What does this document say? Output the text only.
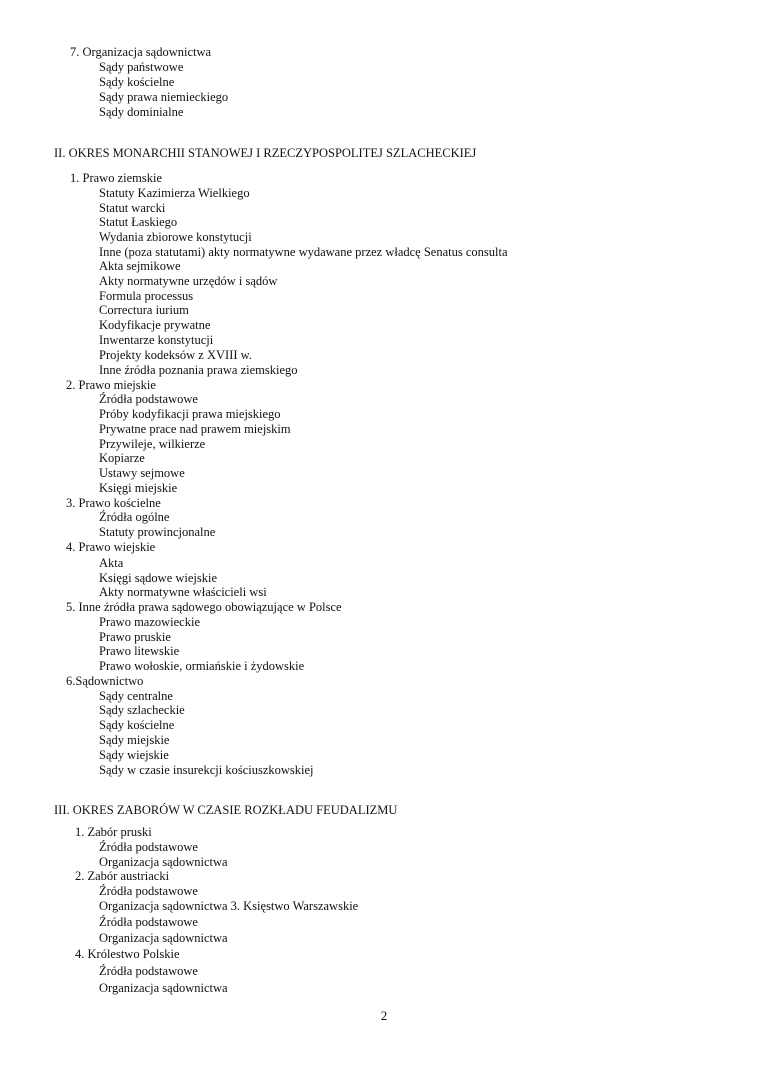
7. Organizacja sądownictwa
Sądy państwowe
Sądy kościelne
Sądy prawa niemieckiego
Sądy dominialne
II. OKRES MONARCHII STANOWEJ I RZECZYPOSPOLITEJ SZLACHECKIEJ
1. Prawo ziemskie
Statuty Kazimierza Wielkiego
Statut warcki
Statut Łaskiego
Wydania zbiorowe konstytucji
Inne (poza statutami) akty normatywne wydawane przez władcę Senatus consulta
Akta sejmikowe
Akty normatywne urzędów i sądów
Formula processus
Correctura iurium
Kodyfikacje prywatne
Inwentarze konstytucji
Projekty kodeksów z XVIII w.
Inne źródła poznania prawa ziemskiego
2. Prawo miejskie
Źródła podstawowe
Próby kodyfikacji prawa miejskiego
Prywatne prace nad prawem miejskim
Przywileje, wilkierze
Kopiarze
Ustawy sejmowe
Księgi miejskie
3. Prawo kościelne
Źródła ogólne
Statuty prowincjonalne
4. Prawo wiejskie
Akta
Księgi sądowe wiejskie
Akty normatywne właścicieli wsi
5. Inne źródła prawa sądowego obowiązujące w Polsce
Prawo mazowieckie
Prawo pruskie
Prawo litewskie
Prawo wołoskie, ormiańskie i żydowskie
6.Sądownictwo
Sądy centralne
Sądy szlacheckie
Sądy kościelne
Sądy miejskie
Sądy wiejskie
Sądy w czasie insurekcji kościuszkowskiej
III. OKRES ZABORÓW W CZASIE ROZKŁADU FEUDALIZMU
1. Zabór pruski
Źródła podstawowe
Organizacja sądownictwa
2. Zabór austriacki
Źródła podstawowe
Organizacja sądownictwa 3. Księstwo Warszawskie
Źródła podstawowe
Organizacja sądownictwa
4. Królestwo Polskie
Źródła podstawowe
Organizacja sądownictwa
2
